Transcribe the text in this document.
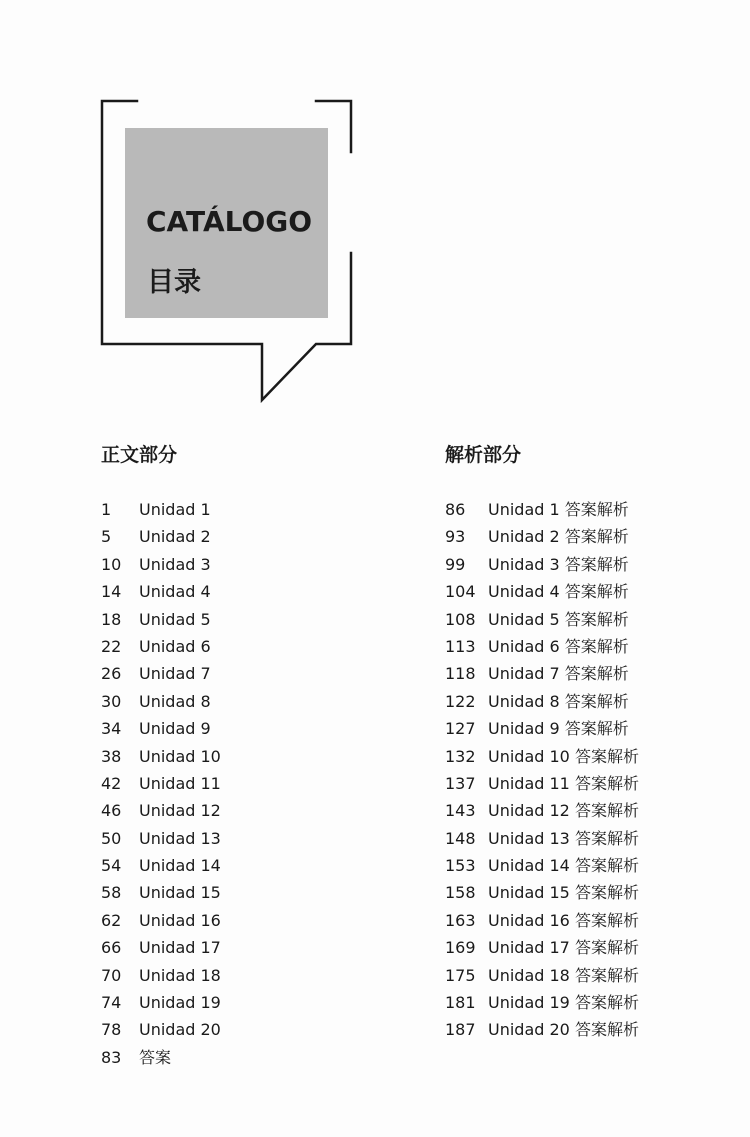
CATÁLOGO
目录
正文部分
1 Unidad 1
5 Unidad 2
10 Unidad 3
14 Unidad 4
18 Unidad 5
22 Unidad 6
26 Unidad 7
30 Unidad 8
34 Unidad 9
38 Unidad 10
42 Unidad 11
46 Unidad 12
50 Unidad 13
54 Unidad 14
58 Unidad 15
62 Unidad 16
66 Unidad 17
70 Unidad 18
74 Unidad 19
78 Unidad 20
83 答案
解析部分
86 Unidad 1 答案解析
93 Unidad 2 答案解析
99 Unidad 3 答案解析
104 Unidad 4 答案解析
108 Unidad 5 答案解析
113 Unidad 6 答案解析
118 Unidad 7 答案解析
122 Unidad 8 答案解析
127 Unidad 9 答案解析
132 Unidad 10 答案解析
137 Unidad 11 答案解析
143 Unidad 12 答案解析
148 Unidad 13 答案解析
153 Unidad 14 答案解析
158 Unidad 15 答案解析
163 Unidad 16 答案解析
169 Unidad 17 答案解析
175 Unidad 18 答案解析
181 Unidad 19 答案解析
187 Unidad 20 答案解析
